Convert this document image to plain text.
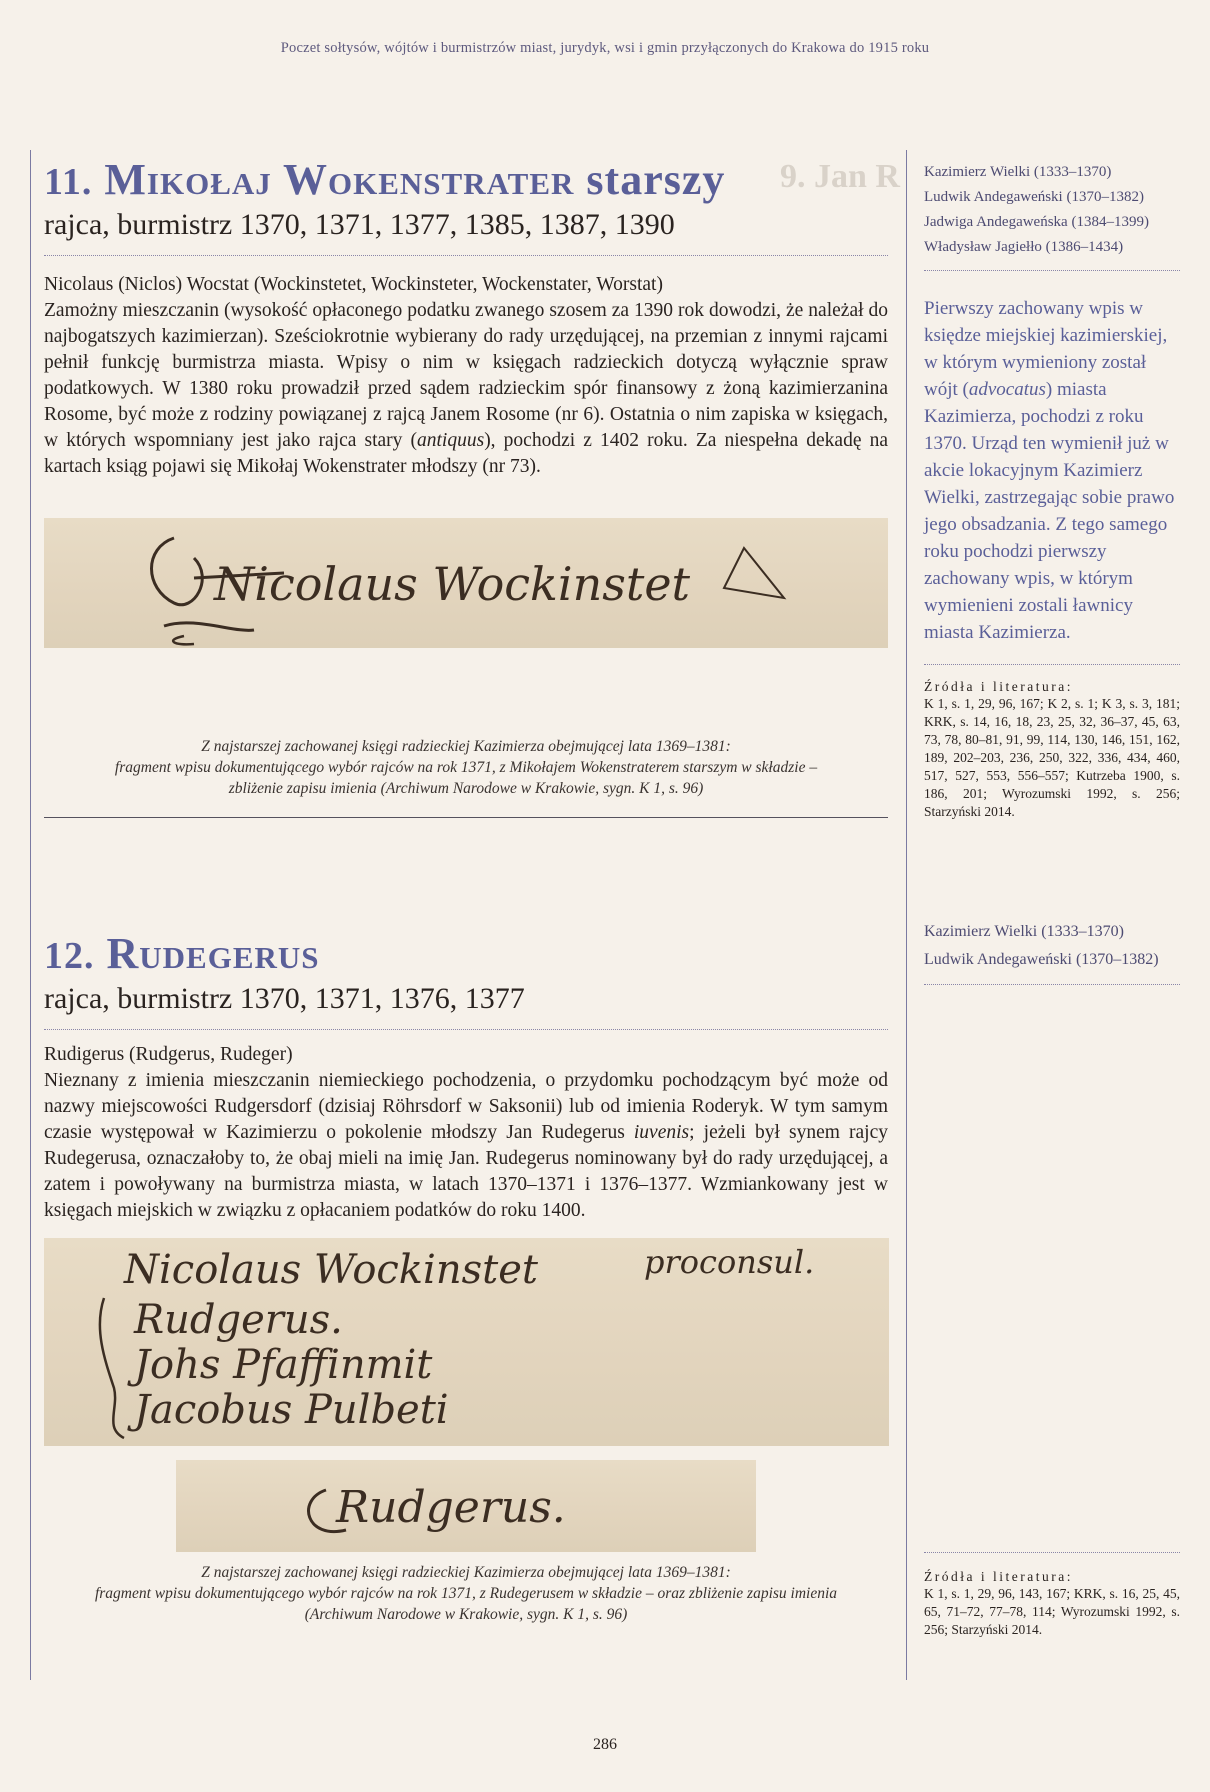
9. Jan R
Poczet sołtysów, wójtów i burmistrzów miast, jurydyk, wsi i gmin przyłączonych do Krakowa do 1915 roku
11. Mikołaj Wokenstrater starszy
rajca, burmistrz 1370, 1371, 1377, 1385, 1387, 1390
Nicolaus (Niclos) Wocstat (Wockinstetet, Wockinsteter, Wockenstater, Worstat)

Zamożny mieszczanin (wysokość opłaconego podatku zwanego szosem za 1390 rok dowodzi, że należał do najbogatszych kazimierzan). Sześciokrotnie wybierany do rady urzędującej, na przemian z innymi rajcami pełnił funkcję burmistrza miasta. Wpisy o nim w księgach radzieckich dotyczą wyłącznie spraw podatkowych. W 1380 roku prowadził przed sądem radzieckim spór finansowy z żoną kazimierzanina Rosome, być może z rodziny powiązanej z rajcą Janem Rosome (nr 6). Ostatnia o nim zapiska w księgach, w których wspomniany jest jako rajca stary (antiquus), pochodzi z 1402 roku. Za niespełna dekadę na kartach ksiąg pojawi się Mikołaj Wokenstrater młodszy (nr 73).

Nicolaus Wockinstet
Z najstarszej zachowanej księgi radzieckiej Kazimierza obejmującej lata 1369–1381:
fragment wpisu dokumentującego wybór rajców na rok 1371, z Mikołajem Wokenstraterem starszym w składzie –
zbliżenie zapisu imienia (Archiwum Narodowe w Krakowie, sygn. K 1, s. 96)
Kazimierz Wielki (1333–1370)
Ludwik Andegaweński (1370–1382)
Jadwiga Andegaweńska (1384–1399)
Władysław Jagiełło (1386–1434)
Pierwszy zachowany wpis w księdze miejskiej kazimierskiej, w którym wymieniony został wójt (advocatus) miasta Kazimierza, pochodzi z roku 1370. Urząd ten wymienił już w akcie lokacyjnym Kazimierz Wielki, zastrzegając sobie prawo jego obsadzania. Z tego samego roku pochodzi pierwszy zachowany wpis, w którym wymienieni zostali ławnicy miasta Kazimierza.
Źródła i literatura:
K 1, s. 1, 29, 96, 167; K 2, s. 1; K 3, s. 3, 181; KRK, s. 14, 16, 18, 23, 25, 32, 36–37, 45, 63, 73, 78, 80–81, 91, 99, 114, 130, 146, 151, 162, 189, 202–203, 236, 250, 322, 336, 434, 460, 517, 527, 553, 556–557; Kutrzeba 1900, s. 186, 201; Wyrozumski 1992, s. 256; Starzyński 2014.
12. Rudegerus
rajca, burmistrz 1370, 1371, 1376, 1377
Rudigerus (Rudgerus, Rudeger)

Nieznany z imienia mieszczanin niemieckiego pochodzenia, o przydomku pochodzącym być może od nazwy miejscowości Rudgersdorf (dzisiaj Röhrsdorf w Saksonii) lub od imienia Roderyk. W tym samym czasie występował w Kazimierzu o pokolenie młodszy Jan Rudegerus iuvenis; jeżeli był synem rajcy Rudegerusa, oznaczałoby to, że obaj mieli na imię Jan. Rudegerus nominowany był do rady urzędującej, a zatem i powoływany na burmistrza miasta, w latach 1370–1371 i 1376–1377. Wzmiankowany jest w księgach miejskich w związku z opłacaniem podatków do roku 1400.

Nicolaus Wockinstet	proconsul.
Rudgerus.
Johs Pfaffinmit
Jacobus Pulbeti
Rudgerus.
Z najstarszej zachowanej księgi radzieckiej Kazimierza obejmującej lata 1369–1381:
fragment wpisu dokumentującego wybór rajców na rok 1371, z Rudegerusem w składzie – oraz zbliżenie zapisu imienia
(Archiwum Narodowe w Krakowie, sygn. K 1, s. 96)
Kazimierz Wielki (1333–1370)
Ludwik Andegaweński (1370–1382)
Źródła i literatura:
K 1, s. 1, 29, 96, 143, 167; KRK, s. 16, 25, 45, 65, 71–72, 77–78, 114; Wyrozumski 1992, s. 256; Starzyński 2014.
286
